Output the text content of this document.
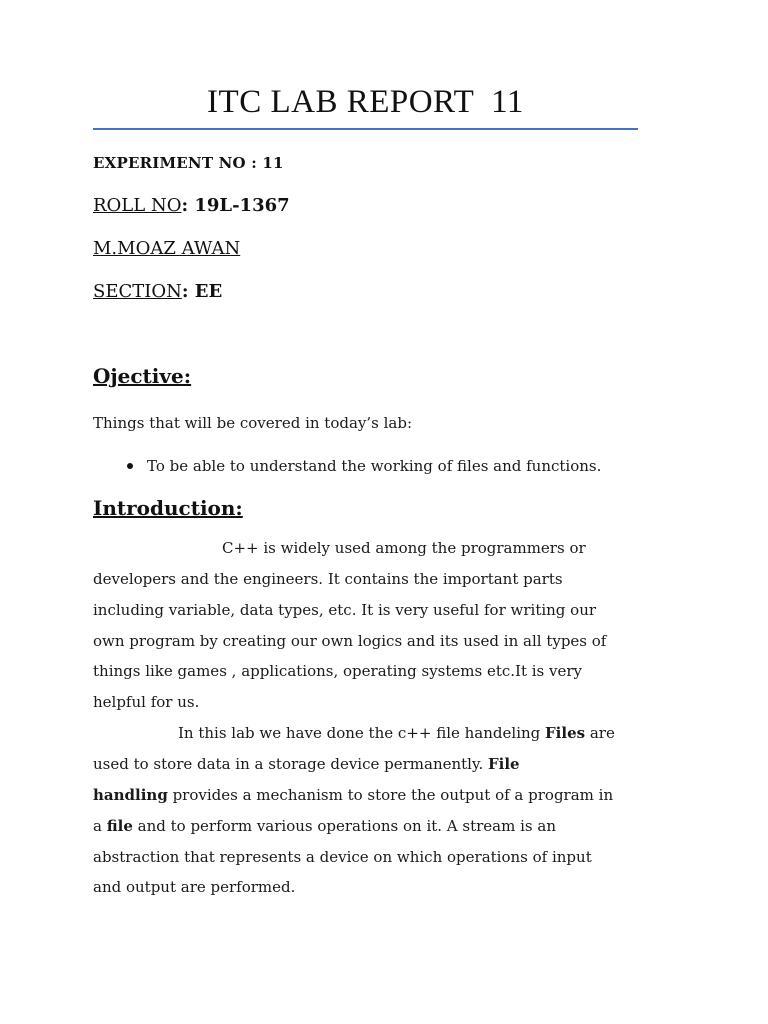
ITC LAB REPORT  11
EXPERIMENT NO : 11
ROLL NO: 19L-1367
M.MOAZ AWAN
SECTION: EE
Ojective:
Things that will be covered in today’s lab:
To be able to understand the working of files and functions.
Introduction:
C++ is widely used among the programmers or
developers and the engineers. It contains the important parts
including variable, data types, etc. It is very useful for writing our
own program by creating our own logics and its used in all types of
things like games , applications, operating systems etc.It is very
helpful for us.
In this lab we have done the c++ file handeling Files are
used to store data in a storage device permanently. File
handling provides a mechanism to store the output of a program in
a file and to perform various operations on it. A stream is an
abstraction that represents a device on which operations of input
and output are performed.
